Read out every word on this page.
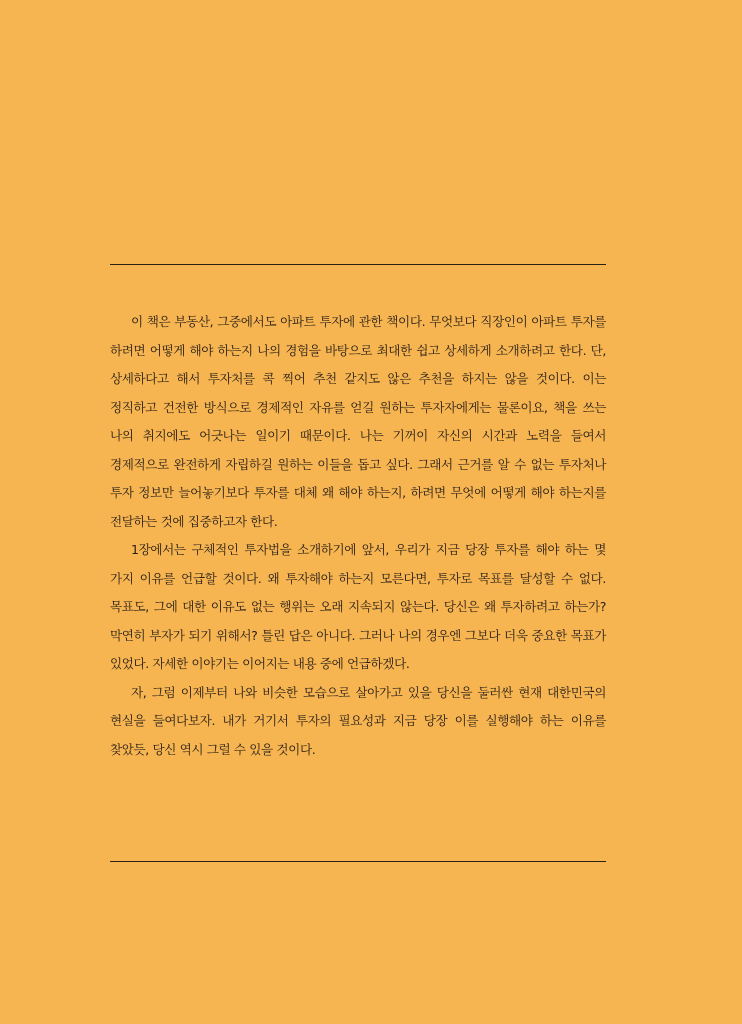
이 책은 부동산, 그중에서도 아파트 투자에 관한 책이다. 무엇보다 직장인이 아파트 투자를 하려면 어떻게 해야 하는지 나의 경험을 바탕으로 최대한 쉽고 상세하게 소개하려고 한다. 단, 상세하다고 해서 투자처를 콕 찍어 추천 같지도 않은 추천을 하지는 않을 것이다. 이는 정직하고 건전한 방식으로 경제적인 자유를 얻길 원하는 투자자에게는 물론이요, 책을 쓰는 나의 취지에도 어긋나는 일이기 때문이다. 나는 기꺼이 자신의 시간과 노력을 들여서 경제적으로 완전하게 자립하길 원하는 이들을 돕고 싶다. 그래서 근거를 알 수 없는 투자처나 투자 정보만 늘어놓기보다 투자를 대체 왜 해야 하는지, 하려면 무엇에 어떻게 해야 하는지를 전달하는 것에 집중하고자 한다.

1장에서는 구체적인 투자법을 소개하기에 앞서, 우리가 지금 당장 투자를 해야 하는 몇 가지 이유를 언급할 것이다. 왜 투자해야 하는지 모른다면, 투자로 목표를 달성할 수 없다. 목표도, 그에 대한 이유도 없는 행위는 오래 지속되지 않는다. 당신은 왜 투자하려고 하는가? 막연히 부자가 되기 위해서? 틀린 답은 아니다. 그러나 나의 경우엔 그보다 더욱 중요한 목표가 있었다. 자세한 이야기는 이어지는 내용 중에 언급하겠다.

자, 그럼 이제부터 나와 비슷한 모습으로 살아가고 있을 당신을 둘러싼 현재 대한민국의 현실을 들여다보자. 내가 거기서 투자의 필요성과 지금 당장 이를 실행해야 하는 이유를 찾았듯, 당신 역시 그럴 수 있을 것이다.
